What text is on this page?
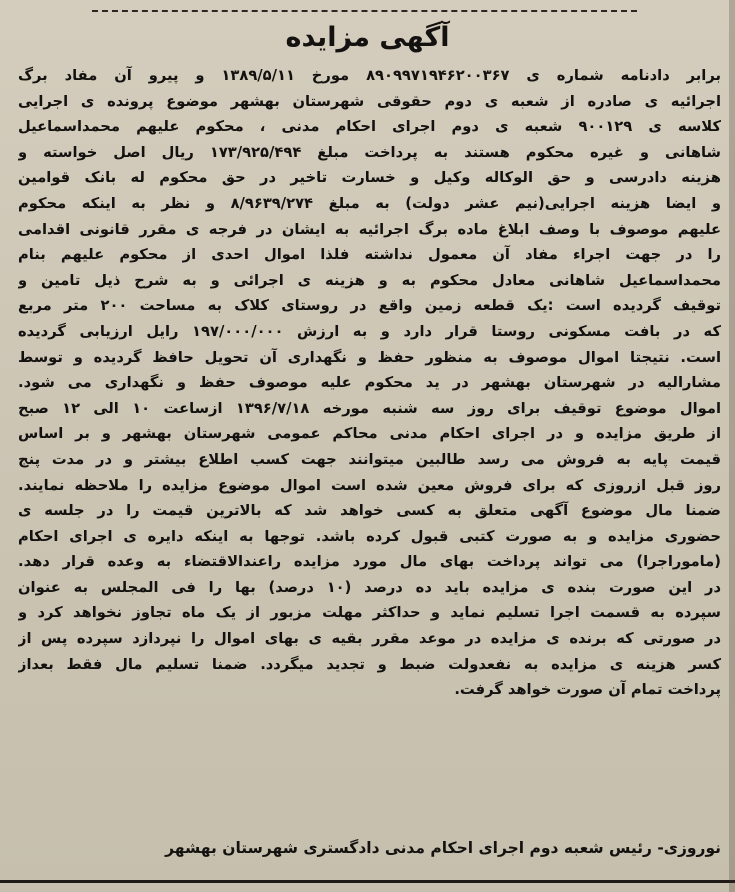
آگهی مزایده
برابر دادنامه شماره ی ۸۹۰۹۹۷۱۹۴۶۲۰۰۳۶۷ مورخ ۱۳۸۹/۵/۱۱ و پیرو آن مفاد برگ
اجرائیه ی صادره از شعبه ی دوم حقوقی شهرستان بهشهر موضوع پرونده ی اجرایی
کلاسه ی ۹۰۰۱۲۹ شعبه ی دوم اجرای احکام مدنی ، محکوم علیهم محمداسماعیل
شاهانی و غیره محکوم هستند به پرداخت مبلغ ۱۷۳/۹۲۵/۴۹۴ ریال اصل خواسته و
هزینه دادرسی و حق الوکاله وکیل و خسارت تاخیر در حق محکوم له بانک قوامین
و ایضا هزینه اجرایی(نیم عشر دولت) به مبلغ ۸/۹۶۳۹/۲۷۴ و نظر به اینکه محکوم
علیهم موصوف با وصف ابلاغ ماده برگ اجرائیه به ایشان در فرجه ی مقرر قانونی اقدامی
را در جهت اجراء مفاد آن معمول نداشته فلذا اموال احدی از محکوم علیهم بنام
محمداسماعیل شاهانی معادل محکوم به و هزینه ی اجرائی و به شرح ذیل تامین و
توقیف گردیده است :یک قطعه زمین واقع در روستای کلاک به مساحت ۲۰۰ متر مربع
که در بافت مسکونی روستا قرار دارد و به ارزش ۱۹۷/۰۰۰/۰۰۰ رایل ارزیابی گردیده
است. نتیجتا اموال موصوف به منظور حفظ و نگهداری آن تحویل حافظ گردیده و توسط
مشارالیه در شهرستان بهشهر در ید محکوم علیه موصوف حفظ و نگهداری می شود.
اموال موضوع توقیف برای روز سه شنبه مورخه ۱۳۹۶/۷/۱۸ ازساعت ۱۰ الی ۱۲ صبح
از طریق مزایده و در اجرای احکام مدنی محاکم عمومی شهرستان بهشهر و بر اساس
قیمت پایه به فروش می رسد طالبین میتوانند جهت کسب اطلاع بیشتر و در مدت پنج
روز قبل ازروزی که برای فروش معین شده است اموال موضوع مزایده را ملاحظه نمایند.
ضمنا مال موضوع آگهی متعلق به کسی خواهد شد که بالاترین قیمت را در جلسه ی
حضوری مزایده و به صورت کتبی قبول کرده باشد. توجها به اینکه دایره ی اجرای احکام
(ماموراجرا) می تواند پرداخت بهای مال مورد مزایده راعندالاقتضاء به وعده قرار دهد.
در این صورت بنده ی مزایده باید ده درصد (۱۰ درصد) بها را فی المجلس به عنوان
سپرده به قسمت اجرا تسلیم نماید و حداکثر مهلت مزبور از یک ماه تجاوز نخواهد کرد و
در صورتی که برنده ی مزایده در موعد مقرر بقیه ی بهای اموال را نپردازد سپرده پس از
کسر هزینه ی مزایده به نفعدولت ضبط و تجدید میگردد. ضمنا تسلیم مال فقط بعداز
پرداخت تمام آن صورت خواهد گرفت.
نوروزی- رئیس شعبه دوم اجرای احکام مدنی دادگستری شهرستان بهشهر
